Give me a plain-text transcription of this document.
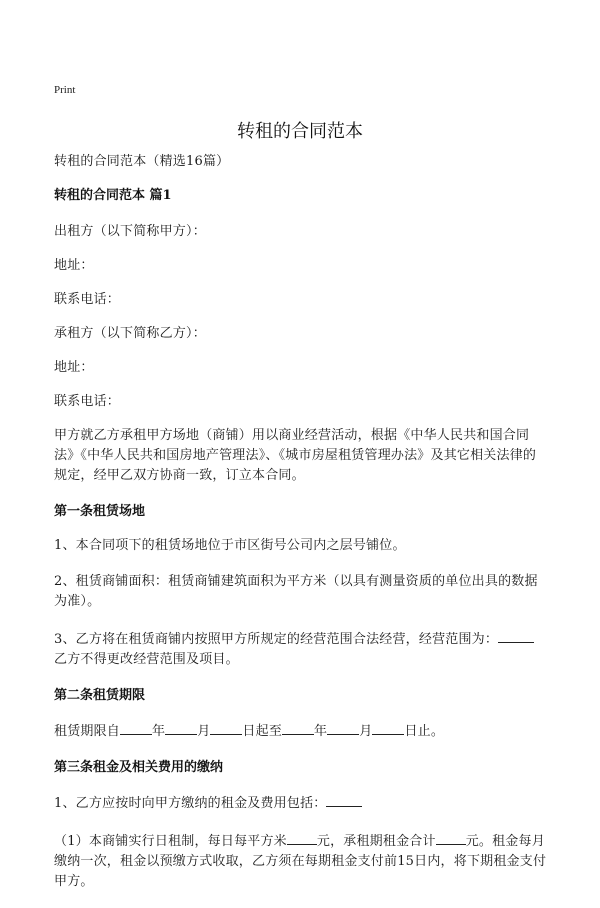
Print
转租的合同范本

转租的合同范本（精选16篇）

转租的合同范本 篇1

出租方（以下简称甲方）：

地址：

联系电话：

承租方（以下简称乙方）：

地址：

联系电话：

甲方就乙方承租甲方场地（商铺）用以商业经营活动，根据《中华人民共和国合同法》《中华人民共和国房地产管理法》、《城市房屋租赁管理办法》及其它相关法律的规定，经甲乙双方协商一致，订立本合同。

第一条租赁场地

1、本合同项下的租赁场地位于市区街号公司内之层号铺位。

2、租赁商铺面积：租赁商铺建筑面积为平方米（以具有测量资质的单位出具的数据为准）。

3、乙方将在租赁商铺内按照甲方所规定的经营范围合法经营，经营范围为：
乙方不得更改经营范围及项目。

第二条租赁期限

租赁期限自 年 月 日起至 年 月 日止。

第三条租金及相关费用的缴纳

1、乙方应按时向甲方缴纳的租金及费用包括：

（1）本商铺实行日租制，每日每平方米 元，承租期租金合计 元。租金每月缴纳一次，租金以预缴方式收取，乙方须在每期租金支付前15日内，将下期租金支付甲方。
